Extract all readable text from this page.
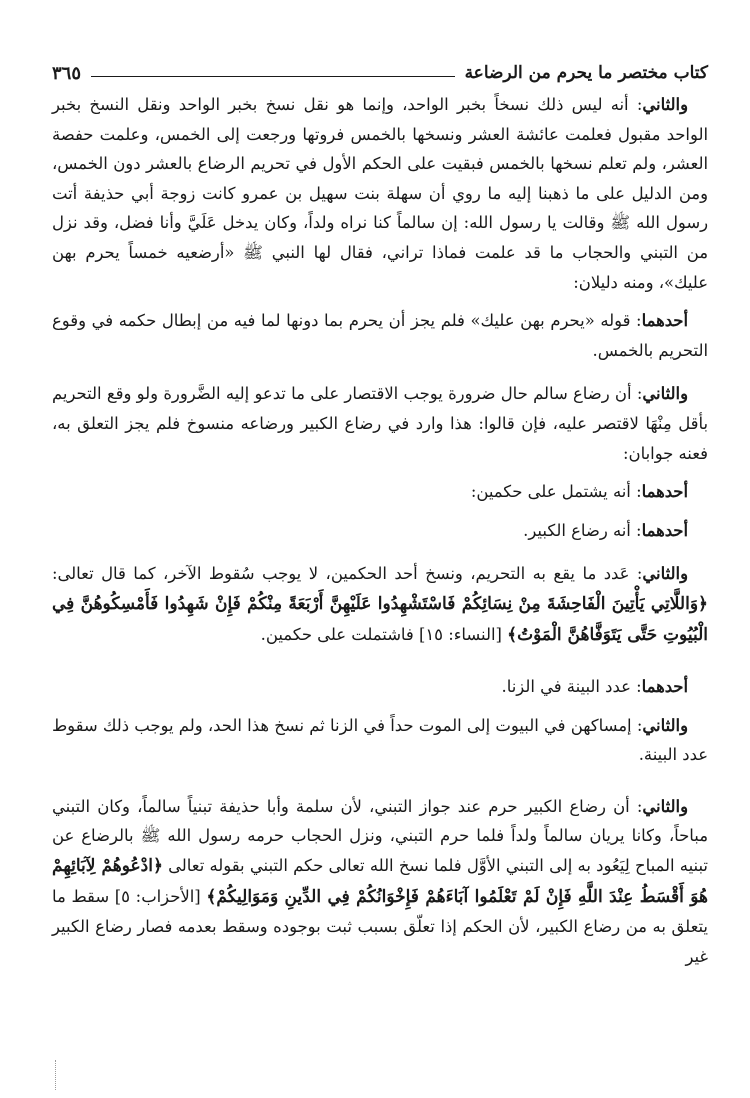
كتاب مختصر ما يحرم من الرضاعة
٣٦٥

والثاني: أنه ليس ذلك نسخاً بخبر الواحد، وإنما هو نقل نسخ بخبر الواحد ونقل النسخ بخبر الواحد مقبول فعلمت عائشة العشر ونسخها بالخمس فروتها ورجعت إلى الخمس، وعلمت حفصة العشر، ولم تعلم نسخها بالخمس فبقيت على الحكم الأول في تحريم الرضاع بالعشر دون الخمس، ومن الدليل على ما ذهبنا إليه ما روي أن سهلة بنت سهيل بن عمرو كانت زوجة أبي حذيفة أتت رسول الله ﷺ وقالت يا رسول الله: إن سالماً كنا نراه ولداً، وكان يدخل عَلَيَّ وأنا فضل، وقد نزل من التبني والحجاب ما قد علمت فماذا تراني، فقال لها النبي ﷺ «أرضعيه خمساً يحرم بهن عليك»، ومنه دليلان:

أحدهما: قوله «يحرم بهن عليك» فلم يجز أن يحرم بما دونها لما فيه من إبطال حكمه في وقوع التحريم بالخمس.

والثاني: أن رضاع سالم حال ضرورة يوجب الاقتصار على ما تدعو إليه الضَّرورة ولو وقع التحريم بأقل مِنْهَا لاقتصر عليه، فإن قالوا: هذا وارد في رضاع الكبير ورضاعه منسوخ فلم يجز التعلق به، فعنه جوابان:

أحدهما: أنه يشتمل على حكمين:

أحدهما: أنه رضاع الكبير.

والثاني: عَدد ما يقع به التحريم، ونسخ أحد الحكمين، لا يوجب سُقوط الآخر، كما قال تعالى: ﴿وَاللَّاتِي يَأْتِينَ الْفَاحِشَةَ مِنْ نِسَائِكُمْ فَاسْتَشْهِدُوا عَلَيْهِنَّ أَرْبَعَةً مِنْكُمْ فَإِنْ شَهِدُوا فَأَمْسِكُوهُنَّ فِي الْبُيُوتِ حَتَّى يَتَوَفَّاهُنَّ الْمَوْتُ﴾ [النساء: ١٥] فاشتملت على حكمين.

أحدهما: عدد البينة في الزنا.

والثاني: إمساكهن في البيوت إلى الموت حداً في الزنا ثم نسخ هذا الحد، ولم يوجب ذلك سقوط عدد البينة.

والثاني: أن رضاع الكبير حرم عند جواز التبني، لأن سلمة وأبا حذيفة تبنياً سالماً، وكان التبني مباحاً، وكانا يريان سالماً ولداً فلما حرم التبني، ونزل الحجاب حرمه رسول الله ﷺ بالرضاع عن تبنيه المباح لِيَعُود به إلى التبني الأوَّل فلما نسخ الله تعالى حكم التبني بقوله تعالى ﴿ادْعُوهُمْ لِآبَائِهِمْ هُوَ أَقْسَطُ عِنْدَ اللَّهِ فَإِنْ لَمْ تَعْلَمُوا آبَاءَهُمْ فَإِخْوَانُكُمْ فِي الدِّينِ وَمَوَالِيكُمْ﴾ [الأحزاب: ٥] سقط ما يتعلق به من رضاع الكبير، لأن الحكم إذا تعلّق بسبب ثبت بوجوده وسقط بعدمه فصار رضاع الكبير غير
